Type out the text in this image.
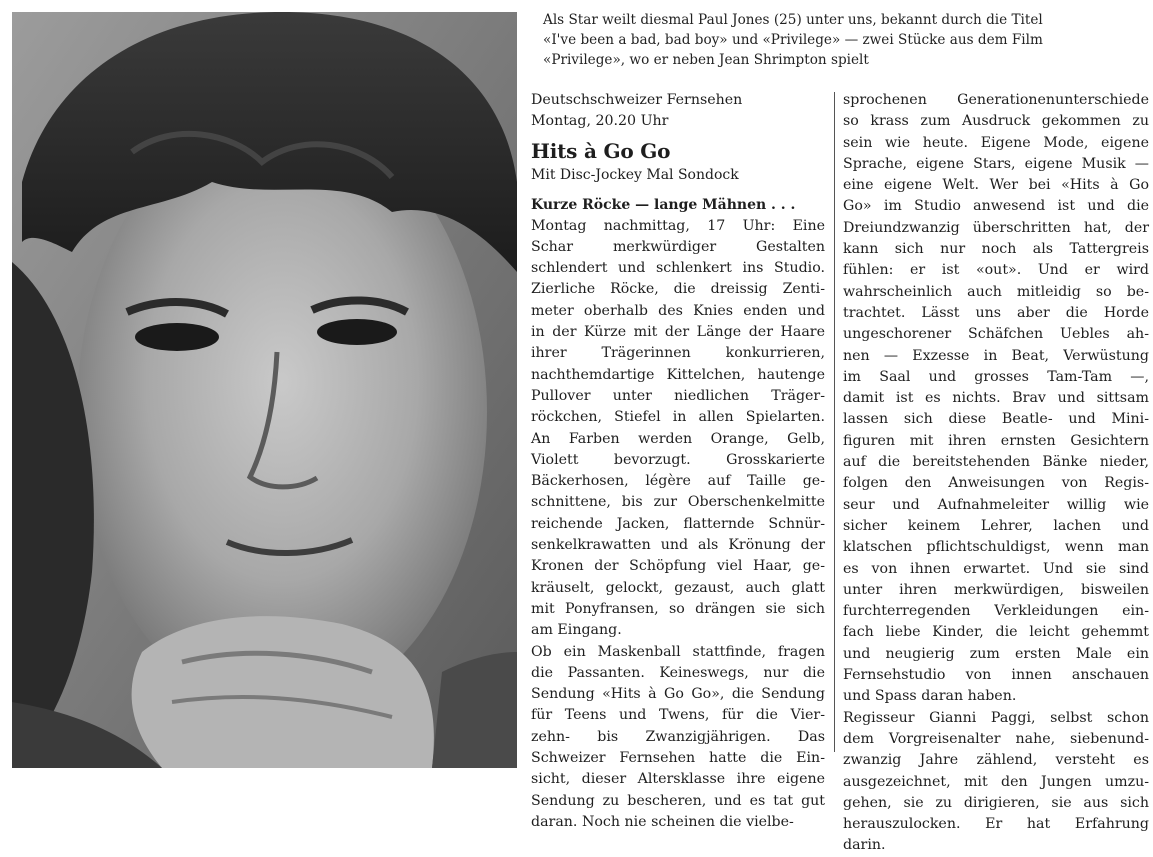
Als Star weilt diesmal Paul Jones (25) unter uns, bekannt durch die Titel
«I've been a bad, bad boy» und «Privilege» — zwei Stücke aus dem Film
«Privilege», wo er neben Jean Shrimpton spielt
Deutschschweizer Fernsehen
Montag, 20.20 Uhr
Hits à Go Go
Mit Disc-Jockey Mal Sondock
Kurze Röcke — lange Mähnen . . .
Montag nachmittag, 17 Uhr: Eine
Schar merkwürdiger Gestalten
schlendert und schlenkert ins Studio.
Zierliche Röcke, die dreissig Zenti-
meter oberhalb des Knies enden und
in der Kürze mit der Länge der Haare
ihrer Trägerinnen konkurrieren,
nachthemdartige Kittelchen, hautenge
Pullover unter niedlichen Träger-
röckchen, Stiefel in allen Spielarten.
An Farben werden Orange, Gelb,
Violett bevorzugt. Grosskarierte
Bäckerhosen, légère auf Taille ge-
schnittene, bis zur Oberschenkelmitte
reichende Jacken, flatternde Schnür-
senkelkrawatten und als Krönung der
Kronen der Schöpfung viel Haar, ge-
kräuselt, gelockt, gezaust, auch glatt
mit Ponyfransen, so drängen sie sich
am Eingang.
Ob ein Maskenball stattfinde, fragen
die Passanten. Keineswegs, nur die
Sendung «Hits à Go Go», die Sendung
für Teens und Twens, für die Vier-
zehn- bis Zwanzigjährigen. Das
Schweizer Fernsehen hatte die Ein-
sicht, dieser Altersklasse ihre eigene
Sendung zu bescheren, und es tat gut
daran. Noch nie scheinen die vielbe-
sprochenen Generationenunterschiede
so krass zum Ausdruck gekommen zu
sein wie heute. Eigene Mode, eigene
Sprache, eigene Stars, eigene Musik —
eine eigene Welt. Wer bei «Hits à Go
Go» im Studio anwesend ist und die
Dreiundzwanzig überschritten hat, der
kann sich nur noch als Tattergreis
fühlen: er ist «out». Und er wird
wahrscheinlich auch mitleidig so be-
trachtet. Lässt uns aber die Horde
ungeschorener Schäfchen Uebles ah-
nen — Exzesse in Beat, Verwüstung
im Saal und grosses Tam-Tam —,
damit ist es nichts. Brav und sittsam
lassen sich diese Beatle- und Mini-
figuren mit ihren ernsten Gesichtern
auf die bereitstehenden Bänke nieder,
folgen den Anweisungen von Regis-
seur und Aufnahmeleiter willig wie
sicher keinem Lehrer, lachen und
klatschen pflichtschuldigst, wenn man
es von ihnen erwartet. Und sie sind
unter ihren merkwürdigen, bisweilen
furchterregenden Verkleidungen ein-
fach liebe Kinder, die leicht gehemmt
und neugierig zum ersten Male ein
Fernsehstudio von innen anschauen
und Spass daran haben.
Regisseur Gianni Paggi, selbst schon
dem Vorgreisenalter nahe, siebenund-
zwanzig Jahre zählend, versteht es
ausgezeichnet, mit den Jungen umzu-
gehen, sie zu dirigieren, sie aus sich
herauszulocken. Er hat Erfahrung
darin.
